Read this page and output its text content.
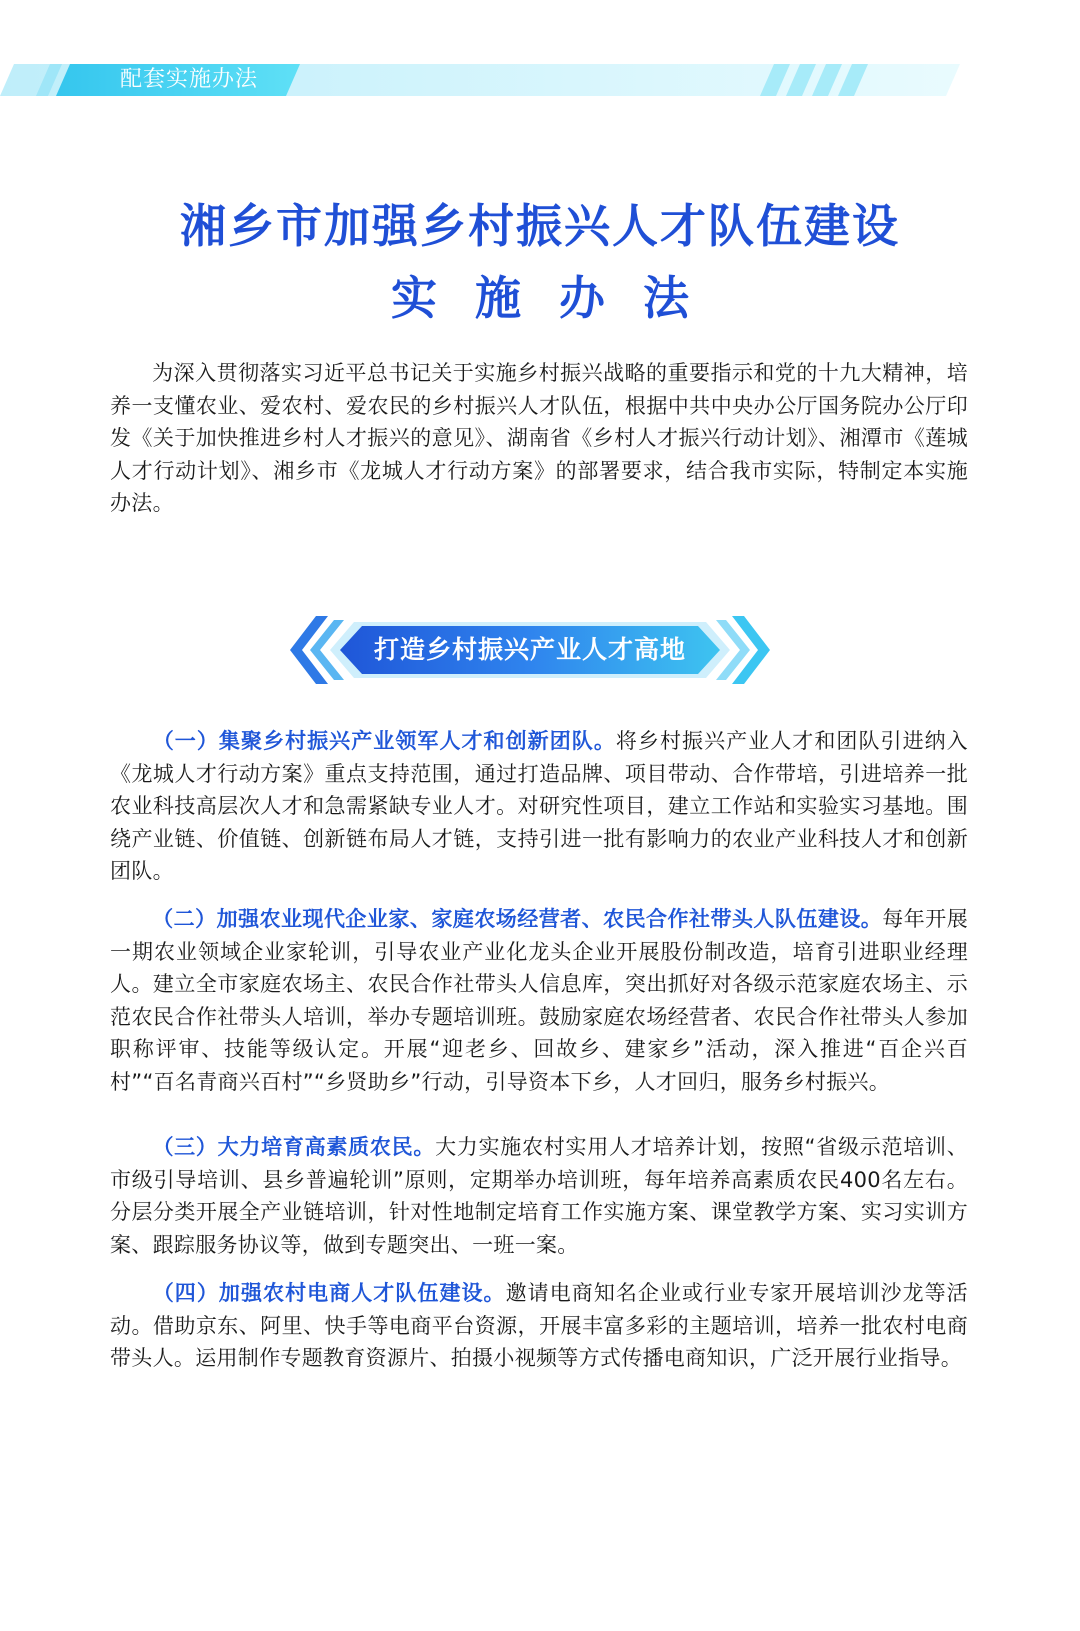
配套实施办法
湘乡市加强乡村振兴人才队伍建设
实施办法

为深入贯彻落实习近平总书记关于实施乡村振兴战略的重要指示和党的十九大精神，培养一支懂农业、爱农村、爱农民的乡村振兴人才队伍，根据中共中央办公厅国务院办公厅印发《关于加快推进乡村人才振兴的意见》、湖南省《乡村人才振兴行动计划》、湘潭市《莲城人才行动计划》、湘乡市《龙城人才行动方案》的部署要求，结合我市实际，特制定本实施办法。

打造乡村振兴产业人才高地

（一）集聚乡村振兴产业领军人才和创新团队。将乡村振兴产业人才和团队引进纳入《龙城人才行动方案》重点支持范围，通过打造品牌、项目带动、合作带培，引进培养一批农业科技高层次人才和急需紧缺专业人才。对研究性项目，建立工作站和实验实习基地。围绕产业链、价值链、创新链布局人才链，支持引进一批有影响力的农业产业科技人才和创新团队。

（二）加强农业现代企业家、家庭农场经营者、农民合作社带头人队伍建设。每年开展一期农业领域企业家轮训，引导农业产业化龙头企业开展股份制改造，培育引进职业经理人。建立全市家庭农场主、农民合作社带头人信息库，突出抓好对各级示范家庭农场主、示范农民合作社带头人培训，举办专题培训班。鼓励家庭农场经营者、农民合作社带头人参加职称评审、技能等级认定。开展“迎老乡、回故乡、建家乡”活动，深入推进“百企兴百村”“百名青商兴百村”“乡贤助乡”行动，引导资本下乡，人才回归，服务乡村振兴。

（三）大力培育高素质农民。大力实施农村实用人才培养计划，按照“省级示范培训、市级引导培训、县乡普遍轮训”原则，定期举办培训班，每年培养高素质农民400名左右。分层分类开展全产业链培训，针对性地制定培育工作实施方案、课堂教学方案、实习实训方案、跟踪服务协议等，做到专题突出、一班一案。

（四）加强农村电商人才队伍建设。邀请电商知名企业或行业专家开展培训沙龙等活动。借助京东、阿里、快手等电商平台资源，开展丰富多彩的主题培训，培养一批农村电商带头人。运用制作专题教育资源片、拍摄小视频等方式传播电商知识，广泛开展行业指导。
